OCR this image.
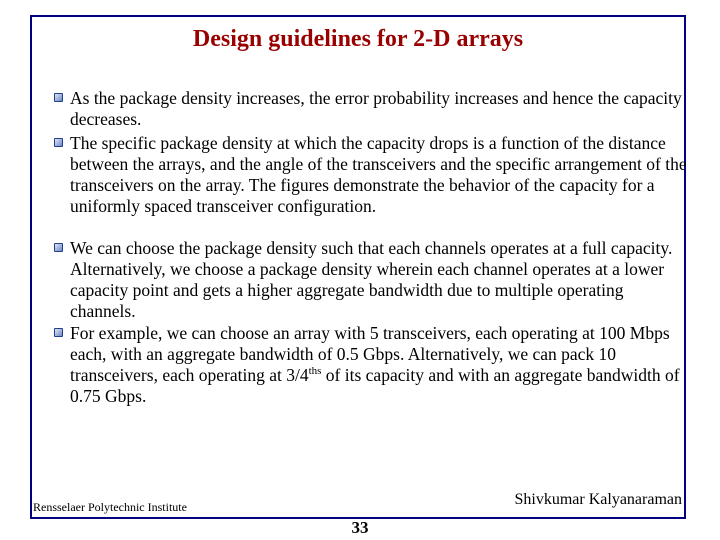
Design guidelines for 2-D arrays
As the package density increases, the error probability increases and hence the capacity decreases.
The specific package density at which the capacity drops is a function of the distance between the arrays, and the angle of the transceivers and the specific arrangement of the transceivers on the array. The figures demonstrate the behavior of the capacity for a uniformly spaced transceiver configuration.
We can choose the package density such that each channels operates at a full capacity. Alternatively, we choose a package density wherein each channel operates at a lower capacity point and gets a higher aggregate bandwidth due to multiple operating channels.
For example, we can choose an array with 5 transceivers, each operating at 100 Mbps each, with an aggregate bandwidth of 0.5 Gbps. Alternatively, we can pack 10 transceivers, each operating at $3/4^{ths}$ of its capacity and with an aggregate bandwidth of 0.75 Gbps.
Rensselaer Polytechnic Institute	Shivkumar Kalyanaraman
33
